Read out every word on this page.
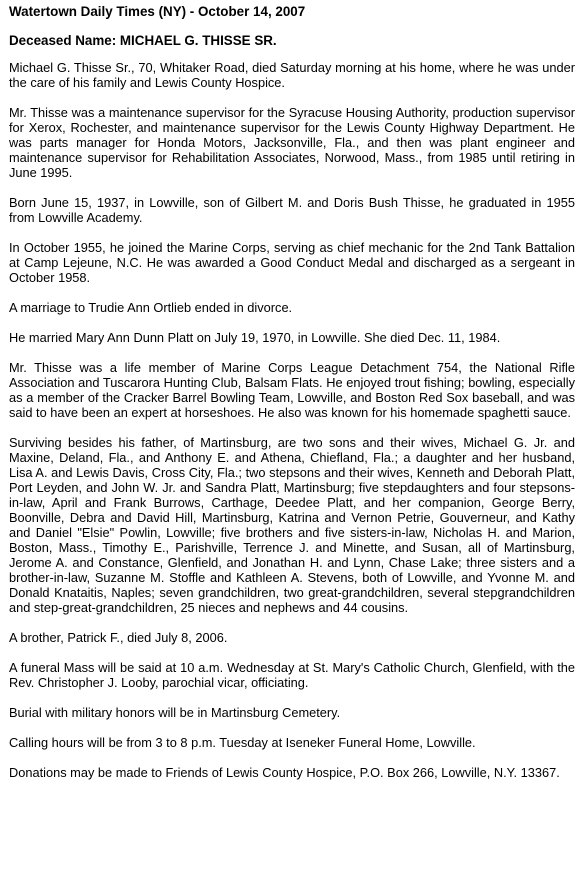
Watertown Daily Times (NY) - October 14, 2007
Deceased Name: MICHAEL G. THISSE SR.

Michael G. Thisse Sr., 70, Whitaker Road, died Saturday morning at his home, where he was under the care of his family and Lewis County Hospice.

Mr. Thisse was a maintenance supervisor for the Syracuse Housing Authority, production supervisor for Xerox, Rochester, and maintenance supervisor for the Lewis County Highway Department. He was parts manager for Honda Motors, Jacksonville, Fla., and then was plant engineer and maintenance supervisor for Rehabilitation Associates, Norwood, Mass., from 1985 until retiring in June 1995.

Born June 15, 1937, in Lowville, son of Gilbert M. and Doris Bush Thisse, he graduated in 1955 from Lowville Academy.

In October 1955, he joined the Marine Corps, serving as chief mechanic for the 2nd Tank Battalion at Camp Lejeune, N.C. He was awarded a Good Conduct Medal and discharged as a sergeant in October 1958.

A marriage to Trudie Ann Ortlieb ended in divorce.

He married Mary Ann Dunn Platt on July 19, 1970, in Lowville. She died Dec. 11, 1984.

Mr. Thisse was a life member of Marine Corps League Detachment 754, the National Rifle Association and Tuscarora Hunting Club, Balsam Flats. He enjoyed trout fishing; bowling, especially as a member of the Cracker Barrel Bowling Team, Lowville, and Boston Red Sox baseball, and was said to have been an expert at horseshoes. He also was known for his homemade spaghetti sauce.

Surviving besides his father, of Martinsburg, are two sons and their wives, Michael G. Jr. and Maxine, Deland, Fla., and Anthony E. and Athena, Chiefland, Fla.; a daughter and her husband, Lisa A. and Lewis Davis, Cross City, Fla.; two stepsons and their wives, Kenneth and Deborah Platt, Port Leyden, and John W. Jr. and Sandra Platt, Martinsburg; five stepdaughters and four stepsons-in-law, April and Frank Burrows, Carthage, Deedee Platt, and her companion, George Berry, Boonville, Debra and David Hill, Martinsburg, Katrina and Vernon Petrie, Gouverneur, and Kathy and Daniel "Elsie" Powlin, Lowville; five brothers and five sisters-in-law, Nicholas H. and Marion, Boston, Mass., Timothy E., Parishville, Terrence J. and Minette, and Susan, all of Martinsburg, Jerome A. and Constance, Glenfield, and Jonathan H. and Lynn, Chase Lake; three sisters and a brother-in-law, Suzanne M. Stoffle and Kathleen A. Stevens, both of Lowville, and Yvonne M. and Donald Knataitis, Naples; seven grandchildren, two great-grandchildren, several stepgrandchildren and step-great-grandchildren, 25 nieces and nephews and 44 cousins.

A brother, Patrick F., died July 8, 2006.

A funeral Mass will be said at 10 a.m. Wednesday at St. Mary's Catholic Church, Glenfield, with the Rev. Christopher J. Looby, parochial vicar, officiating.

Burial with military honors will be in Martinsburg Cemetery.

Calling hours will be from 3 to 8 p.m. Tuesday at Iseneker Funeral Home, Lowville.

Donations may be made to Friends of Lewis County Hospice, P.O. Box 266, Lowville, N.Y. 13367.
